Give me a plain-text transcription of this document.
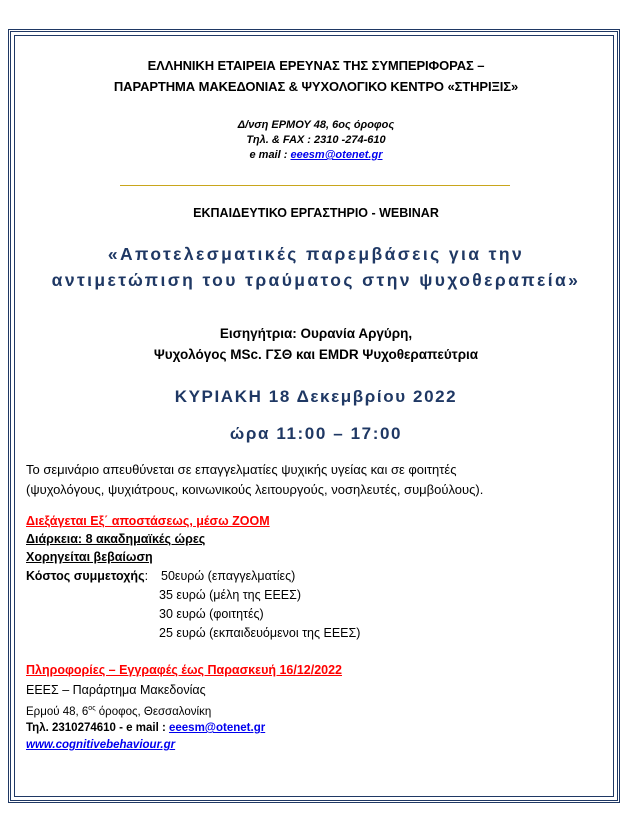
ΕΛΛΗΝΙΚΗ ΕΤΑΙΡΕΙΑ ΕΡΕΥΝΑΣ ΤΗΣ ΣΥΜΠΕΡΙΦΟΡΑΣ –
ΠΑΡΑΡΤΗΜΑ ΜΑΚΕΔΟΝΙΑΣ & ΨΥΧΟΛΟΓΙΚΟ ΚΕΝΤΡΟ «ΣΤΗΡΙΞΙΣ»
Δ/νση ΕΡΜΟΥ 48, 6ος όροφος
Τηλ. & FAX : 2310 -274-610
e mail : eeesm@otenet.gr
ΕΚΠΑΙΔΕΥΤΙΚΟ ΕΡΓΑΣΤΗΡΙΟ - WEBINAR
«Αποτελεσματικές παρεμβάσεις για την
αντιμετώπιση του τραύματος στην ψυχοθεραπεία»
Εισηγήτρια: Ουρανία Αργύρη,
Ψυχολόγος MSc. ΓΣΘ και EMDR Ψυχοθεραπεύτρια
ΚΥΡΙΑΚΗ 18 Δεκεμβρίου 2022
ώρα 11:00 – 17:00
Το σεμινάριο απευθύνεται σε επαγγελματίες ψυχικής υγείας και σε φοιτητές
(ψυχολόγους, ψυχιάτρους, κοινωνικούς λειτουργούς, νοσηλευτές, συμβούλους).
Διεξάγεται Εξ΄ αποστάσεως, μέσω ZOOM
Διάρκεια: 8 ακαδημαϊκές ώρες
Χορηγείται βεβαίωση
Κόστος συμμετοχής: 50ευρώ (επαγγελματίες)
35 ευρώ (μέλη της ΕΕΕΣ)
30 ευρώ (φοιτητές)
25 ευρώ (εκπαιδευόμενοι της ΕΕΕΣ)
Πληροφορίες – Εγγραφές έως Παρασκευή 16/12/2022
ΕΕΕΣ – Παράρτημα Μακεδονίας
Ερμού 48, $6^{o\varsigma}$ όροφος, Θεσσαλονίκη
Τηλ. 2310274610 - e mail : eeesm@otenet.gr
www.cognitivebehaviour.gr
